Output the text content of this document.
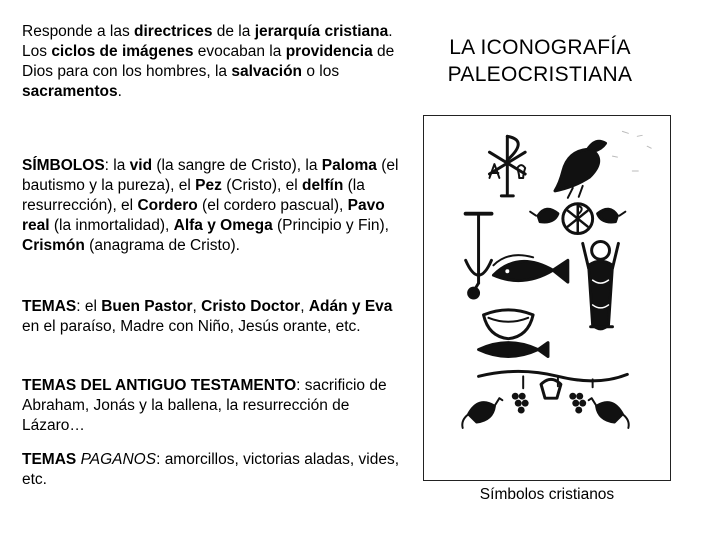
Responde a las directrices de la jerarquía cristiana. Los ciclos de imágenes evocaban la providencia de Dios para con los hombres, la salvación o los sacramentos.

SÍMBOLOS: la vid (la sangre de Cristo), la Paloma (el bautismo y la pureza), el Pez (Cristo), el delfín (la resurrección), el Cordero (el cordero pascual), Pavo real (la inmortalidad), Alfa y Omega (Principio y Fin), Crismón (anagrama de Cristo).

TEMAS: el Buen Pastor, Cristo Doctor, Adán y Eva en el paraíso, Madre con Niño, Jesús orante, etc.

TEMAS DEL ANTIGUO TESTAMENTO: sacrificio de Abraham, Jonás y la ballena, la resurrección de Lázaro…

TEMAS PAGANOS: amorcillos, victorias aladas, vides, etc.

LA ICONOGRAFÍA PALEOCRISTIANA
Símbolos cristianos
